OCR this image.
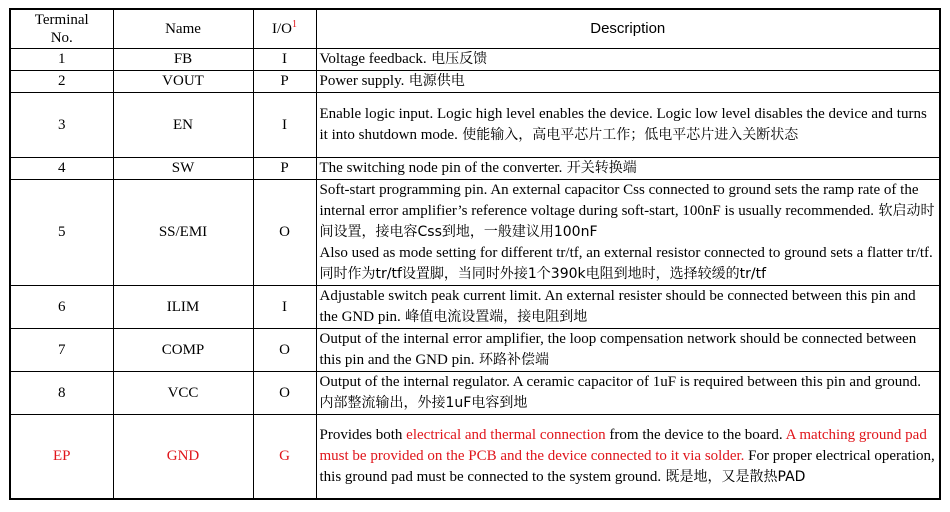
Terminal
No.	Name	$I/O^1$	Description
1	FB	I	Voltage feedback. 电压反馈
2	VOUT	P	Power supply. 电源供电
3	EN	I	Enable logic input. Logic high level enables the device. Logic low level disables the device and turns it into shutdown mode. 使能输入，高电平芯片工作；低电平芯片进入关断状态
4	SW	P	The switching node pin of the converter. 开关转换端
5	SS/EMI	O	Soft-start programming pin. An external capacitor Css connected to ground sets the ramp rate of the internal error amplifier’s reference voltage during soft-start, 100nF is usually recommended. 软启动时间设置，接电容Css到地，一般建议用100nF
Also used as mode setting for different tr/tf, an external resistor connected to ground sets a flatter tr/tf. 同时作为tr/tf设置脚，当同时外接1个390k电阻到地时，选择较缓的tr/tf
6	ILIM	I	Adjustable switch peak current limit. An external resister should be connected between this pin and the GND pin. 峰值电流设置端，接电阻到地
7	COMP	O	Output of the internal error amplifier, the loop compensation network should be connected between this pin and the GND pin. 环路补偿端
8	VCC	O	Output of the internal regulator. A ceramic capacitor of 1uF is required between this pin and ground. 内部整流输出，外接1uF电容到地
EP	GND	G	Provides both electrical and thermal connection from the device to the board. A matching ground pad must be provided on the PCB and the device connected to it via solder. For proper electrical operation, this ground pad must be connected to the system ground. 既是地，又是散热PAD
